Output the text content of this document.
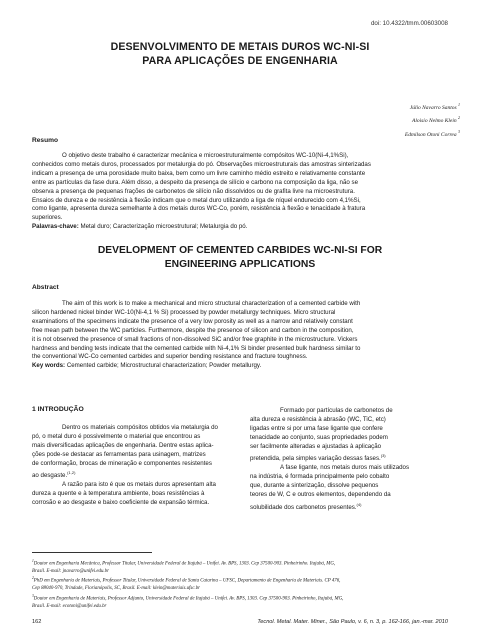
doi: 10.4322/tmm.00603008
DESENVOLVIMENTO DE METAIS DUROS WC-NI-SI
PARA APLICAÇÕES DE ENGENHARIA
Júlio Navarro Santos $^1$
Aloisio Nelmo Klein $^2$
Edmilson Otoni Correa $^3$
Resumo

O objetivo deste trabalho é caracterizar mecânica e microestruturalmente compósitos WC-10(Ni-4,1%Si),

conhecidos como metais duros, processados por metalurgia do pó. Observações microestruturais das amostras sinterizadas

indicam a presença de uma porosidade muito baixa, bem como um livre caminho médio estreito e relativamente constante

entre as partículas da fase dura. Além disso, a despeito da presença de silício e carbono na composição da liga, não se

observa a presença de pequenas frações de carbonetos de silício não dissolvidos ou de grafita livre na microestrutura.

Ensaios de dureza e de resistência à flexão indicam que o metal duro utilizando a liga de níquel endurecido com 4,1%Si,

como ligante, apresenta dureza semelhante à dos metais duros WC-Co, porém, resistência à flexão e tenacidade à fratura

superiores.

Palavras-chave: Metal duro; Caracterização microestrutural; Metalurgia do pó.

DEVELOPMENT OF CEMENTED CARBIDES WC-NI-SI FOR
ENGINEERING APPLICATIONS
Abstract

The aim of this work is to make a mechanical and micro structural characterization of a cemented carbide with

silicon hardened nickel binder WC-10(Ni-4,1 % Si) processed by powder metallurgy techniques. Micro structural

examinations of the specimens indicate the presence of a very low porosity as well as a narrow and relatively constant

free mean path between the WC particles. Furthermore, despite the presence of silicon and carbon in the composition,

it is not observed the presence of small fractions of non-dissolved SiC and/or free graphite in the microstructure. Vickers

hardness and bending tests indicate that the cemented carbide with Ni-4,1% Si binder presented bulk hardness similar to

the conventional WC-Co cemented carbides and superior bending resistance and fracture toughness.

Key words: Cemented carbide; Microstructural characterization; Powder metallurgy.

1 INTRODUÇÃO

Dentro os materiais compósitos obtidos via metalurgia do

pó, o metal duro é possivelmente o material que encontrou as

mais diversificadas aplicações de engenharia. Dentre estas aplica-

ções pode-se destacar as ferramentas para usinagem, matrizes

de conformação, brocas de mineração e componentes resistentes

ao desgaste.$^{(1,2)}$

A razão para isto é que os metais duros apresentam alta

dureza a quente e à temperatura ambiente, boas resistências à

corrosão e ao desgaste e baixo coeficiente de expansão térmica.

Formado por partículas de carbonetos de

alta dureza e resistência à abrasão (WC, TiC, etc)

ligadas entre si por uma fase ligante que confere

tenacidade ao conjunto, suas propriedades podem

ser facilmente alteradas e ajustadas à aplicação

pretendida, pela simples variação dessas fases.$^{(3)}$

A fase ligante, nos metais duros mais utilizados

na indústria, é formada principalmente pelo cobalto

que, durante a sinterização, dissolve pequenos

teores de W, C e outros elementos, dependendo da

solubilidade dos carbonetos presentes.$^{(4)}$

$^1$Doutor em Engenharia Mecânica, Professor Titular, Universidade Federal de Itajubá – Unifei. Av. BPS, 1303. Cep 37500-903. Pinheirinho. Itajubá, MG,

Brasil. E-mail: jnavarro@unifei.edu.br

$^2$PhD em Engenharia de Materiais, Professor Titular, Universidade Federal de Santa Catarina – UFSC, Departamento de Engenharia de Materiais. CP 476,

Cep 88040-970, Trindade, Florianópolis, SC, Brasil. E-mail: klein@materiais.ufsc.br

$^3$Doutor em Engenharia de Materiais, Professor Adjunto, Universidade Federal de Itajubá – Unifei. Av. BPS, 1303. Cep 37500-903. Pinheirinho, Itajubá, MG,

Brasil. E-mail: ecotoni@unifei.edu.br

162	Tecnol. Metal. Mater. Miner., São Paulo, v. 6, n. 3, p. 162-166, jan.-mar. 2010
